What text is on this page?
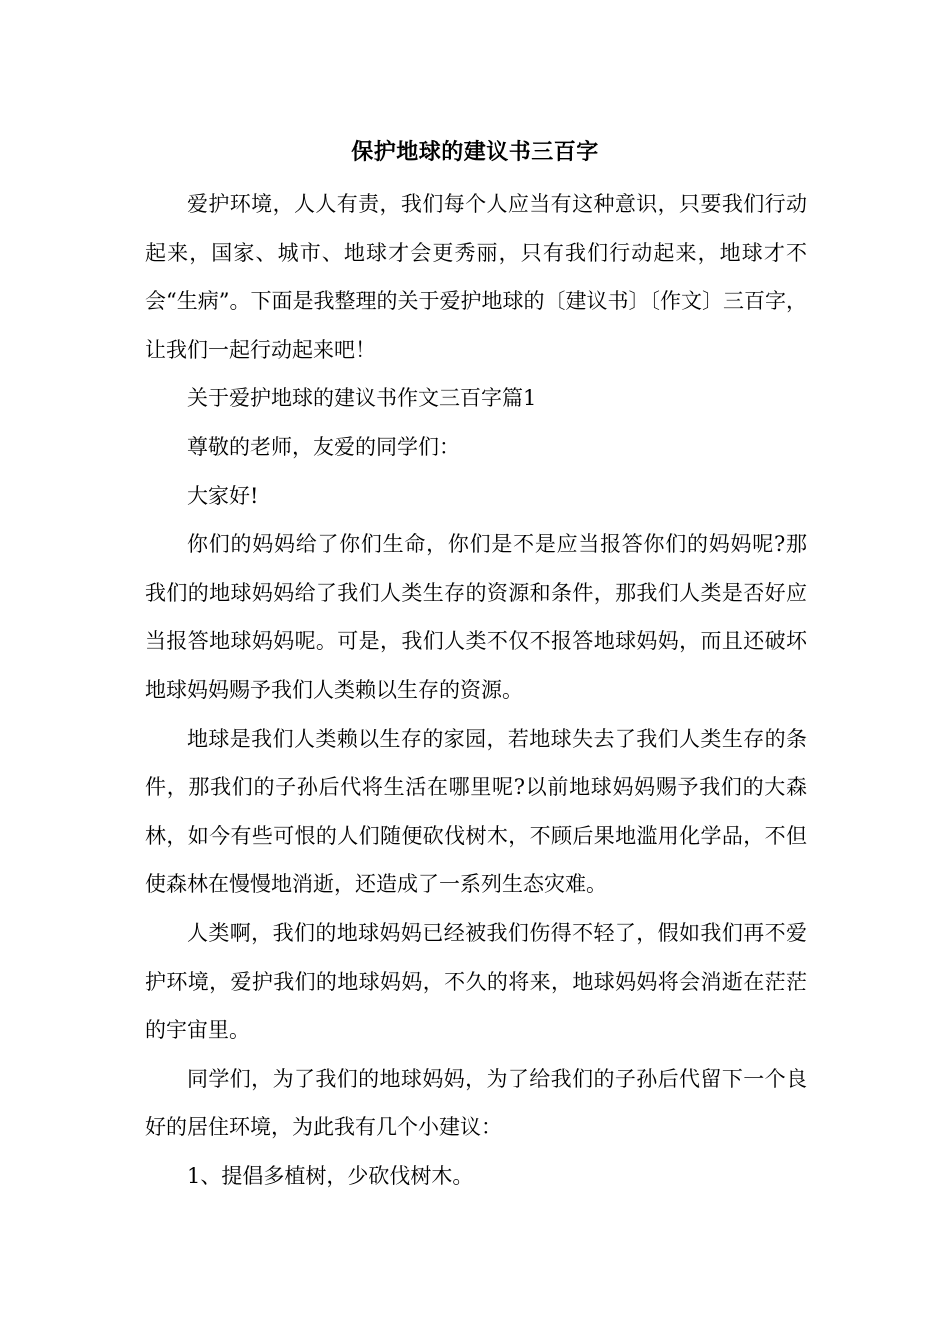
保护地球的建议书三百字

爱护环境，人人有责，我们每个人应当有这种意识，只要我们行动起来，国家、城市、地球才会更秀丽，只有我们行动起来，地球才不会“生病”。下面是我整理的关于爱护地球的〔建议书〕〔作文〕三百字，让我们一起行动起来吧！

关于爱护地球的建议书作文三百字篇1

尊敬的老师，友爱的同学们：

大家好!

你们的妈妈给了你们生命，你们是不是应当报答你们的妈妈呢?那我们的地球妈妈给了我们人类生存的资源和条件，那我们人类是否好应当报答地球妈妈呢。可是，我们人类不仅不报答地球妈妈，而且还破坏地球妈妈赐予我们人类赖以生存的资源。

地球是我们人类赖以生存的家园，若地球失去了我们人类生存的条件，那我们的子孙后代将生活在哪里呢?以前地球妈妈赐予我们的大森林，如今有些可恨的人们随便砍伐树木，不顾后果地滥用化学品，不但使森林在慢慢地消逝，还造成了一系列生态灾难。

人类啊，我们的地球妈妈已经被我们伤得不轻了，假如我们再不爱护环境，爱护我们的地球妈妈，不久的将来，地球妈妈将会消逝在茫茫的宇宙里。

同学们，为了我们的地球妈妈，为了给我们的子孙后代留下一个良好的居住环境，为此我有几个小建议：

1、提倡多植树，少砍伐树木。
